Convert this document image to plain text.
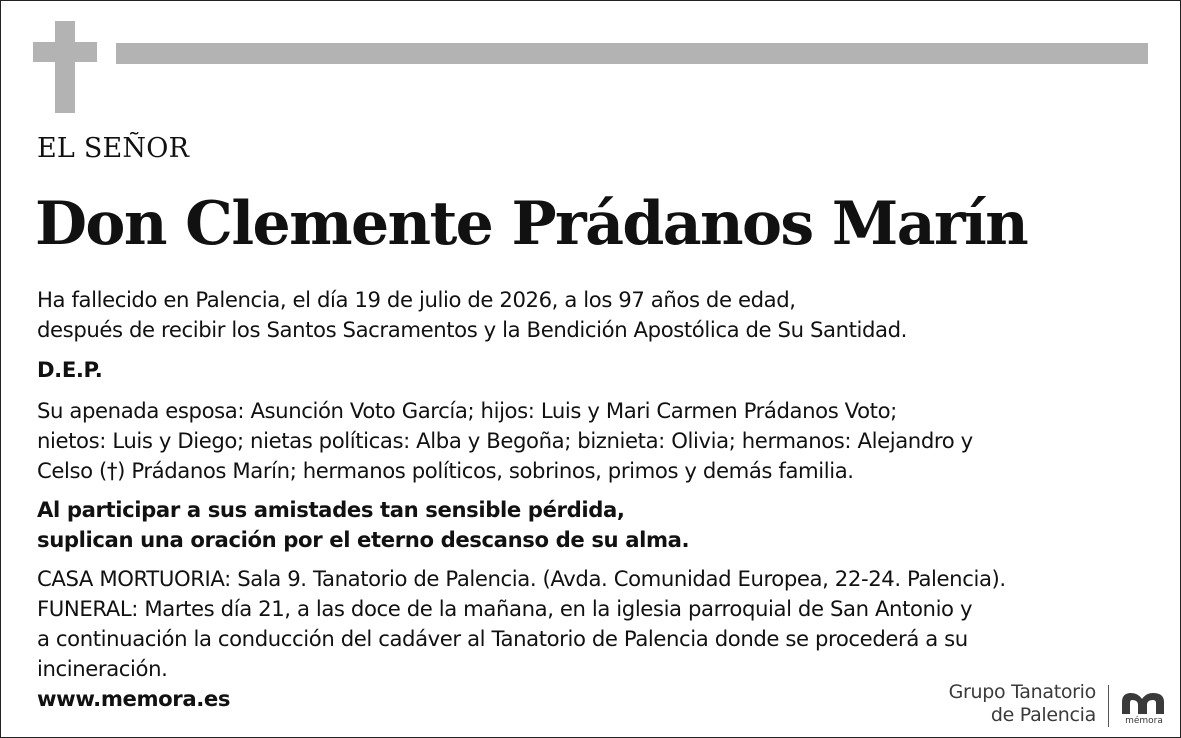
EL SEÑOR
Don Clemente Prádanos Marín
Ha fallecido en Palencia, el día 19 de julio de 2026, a los 97 años de edad,
después de recibir los Santos Sacramentos y la Bendición Apostólica de Su Santidad.
D.E.P.
Su apenada esposa: Asunción Voto García; hijos: Luis y Mari Carmen Prádanos Voto;
nietos: Luis y Diego; nietas políticas: Alba y Begoña; biznieta: Olivia; hermanos: Alejandro y
Celso (†) Prádanos Marín; hermanos políticos, sobrinos, primos y demás familia.
Al participar a sus amistades tan sensible pérdida,
suplican una oración por el eterno descanso de su alma.
CASA MORTUORIA: Sala 9. Tanatorio de Palencia. (Avda. Comunidad Europea, 22-24. Palencia).
FUNERAL: Martes día 21, a las doce de la mañana, en la iglesia parroquial de San Antonio y
a continuación la conducción del cadáver al Tanatorio de Palencia donde se procederá a su
incineración.
www.memora.es	Grupo Tanatorio
de Palencia	mémora
